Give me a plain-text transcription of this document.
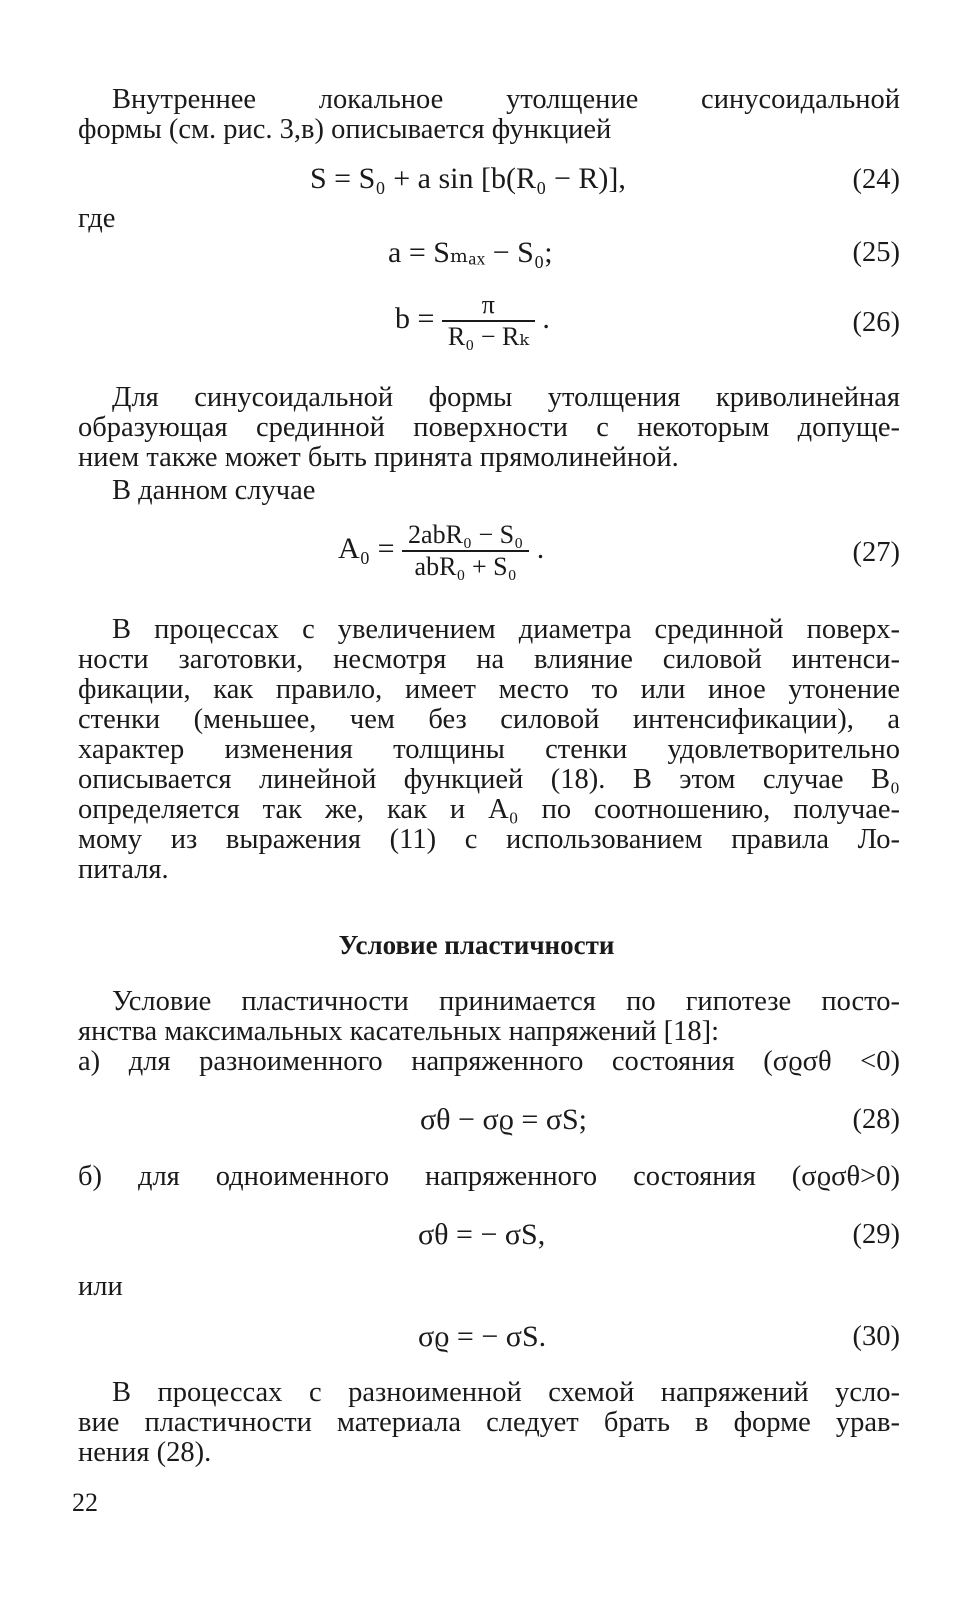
Внутреннее локальное утолщение синусоидальной
формы (см. рис. 3,в) описывается функцией
S = S₀ + a sin [b(R₀ − R)],	(24)
где
a = Sₘₐₓ − S₀;	(25)
$b = \frac{\pi}{\text{R₀ − Rₖ}}$ .	(26)
Для синусоидальной формы утолщения криволинейная
образующая срединной поверхности с некоторым допуще-
нием также может быть принята прямолинейной.
В данном случае
$A_0 = \frac{\text{2abR₀ − S₀}}{\text{abR₀ + S₀}}$ .	(27)
В процессах с увеличением диаметра срединной поверх-
ности заготовки, несмотря на влияние силовой интенси-
фикации, как правило, имеет место то или иное утонение
стенки (меньшее, чем без силовой интенсификации), а
характер изменения толщины стенки удовлетворительно
описывается линейной функцией (18). В этом случае B₀
определяется так же, как и A₀ по соотношению, получае-
мому из выражения (11) с использованием правила Ло-
питаля.
Условие пластичности
Условие пластичности принимается по гипотезе посто-
янства максимальных касательных напряжений [18]:
а) для разноименного напряженного состояния (σϱσθ <0)
σθ − σϱ = σS;	(28)
б) для одноименного напряженного состояния (σϱσθ>0)
σθ = − σS,	(29)
или
σϱ = − σS.	(30)
В процессах с разноименной схемой напряжений усло-
вие пластичности материала следует брать в форме урав-
нения (28).
22
